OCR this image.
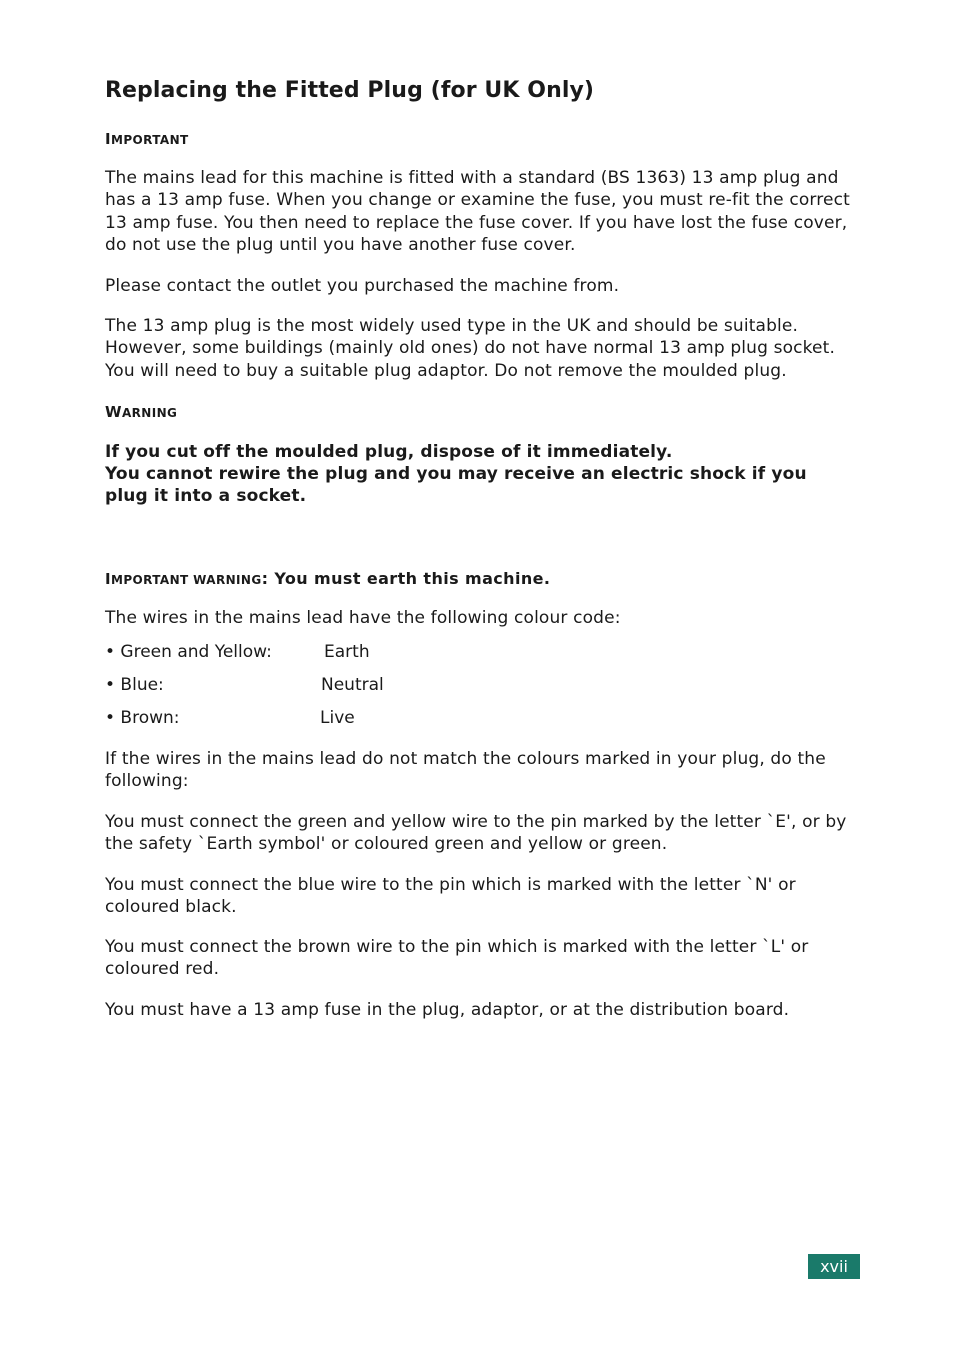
Replacing the Fitted Plug (for UK Only)
IMPORTANT

The mains lead for this machine is fitted with a standard (BS 1363) 13 amp plug and has a 13 amp fuse. When you change or examine the fuse, you must re-fit the correct 13 amp fuse. You then need to replace the fuse cover. If you have lost the fuse cover, do not use the plug until you have another fuse cover.

Please contact the outlet you purchased the machine from.

The 13 amp plug is the most widely used type in the UK and should be suitable. However, some buildings (mainly old ones) do not have normal 13 amp plug socket. You will need to buy a suitable plug adaptor. Do not remove the moulded plug.

WARNING

If you cut off the moulded plug, dispose of it immediately.

You cannot rewire the plug and you may receive an electric shock if you plug it into a socket.

IMPORTANT WARNING: You must earth this machine.

The wires in the mains lead have the following colour code:

• Green and Yellow:	Earth
• Blue:	Neutral
• Brown:	Live

If the wires in the mains lead do not match the colours marked in your plug, do the following:

You must connect the green and yellow wire to the pin marked by the letter `E', or by the safety `Earth symbol' or coloured green and yellow or green.

You must connect the blue wire to the pin which is marked with the letter `N' or coloured black.

You must connect the brown wire to the pin which is marked with the letter `L' or coloured red.

You must have a 13 amp fuse in the plug, adaptor, or at the distribution board.

xvii
